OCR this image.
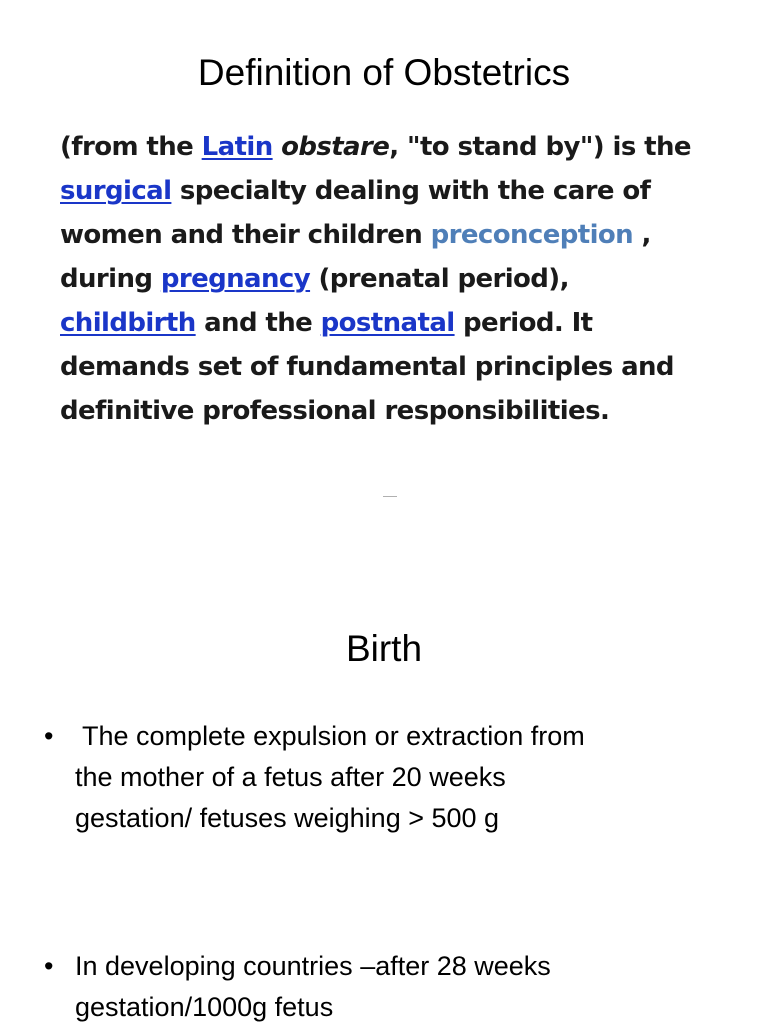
Definition of Obstetrics

(from the Latin obstare, "to stand by") is the
surgical specialty dealing with the care of
women and their children preconception ,
during pregnancy (prenatal period),
childbirth and the postnatal period. It
demands set of fundamental principles and
definitive professional responsibilities.

Birth
• The complete expulsion or extraction from
the mother of a fetus after 20 weeks
gestation/ fetuses weighing > 500 g
• In developing countries –after 28 weeks
gestation/1000g fetus
